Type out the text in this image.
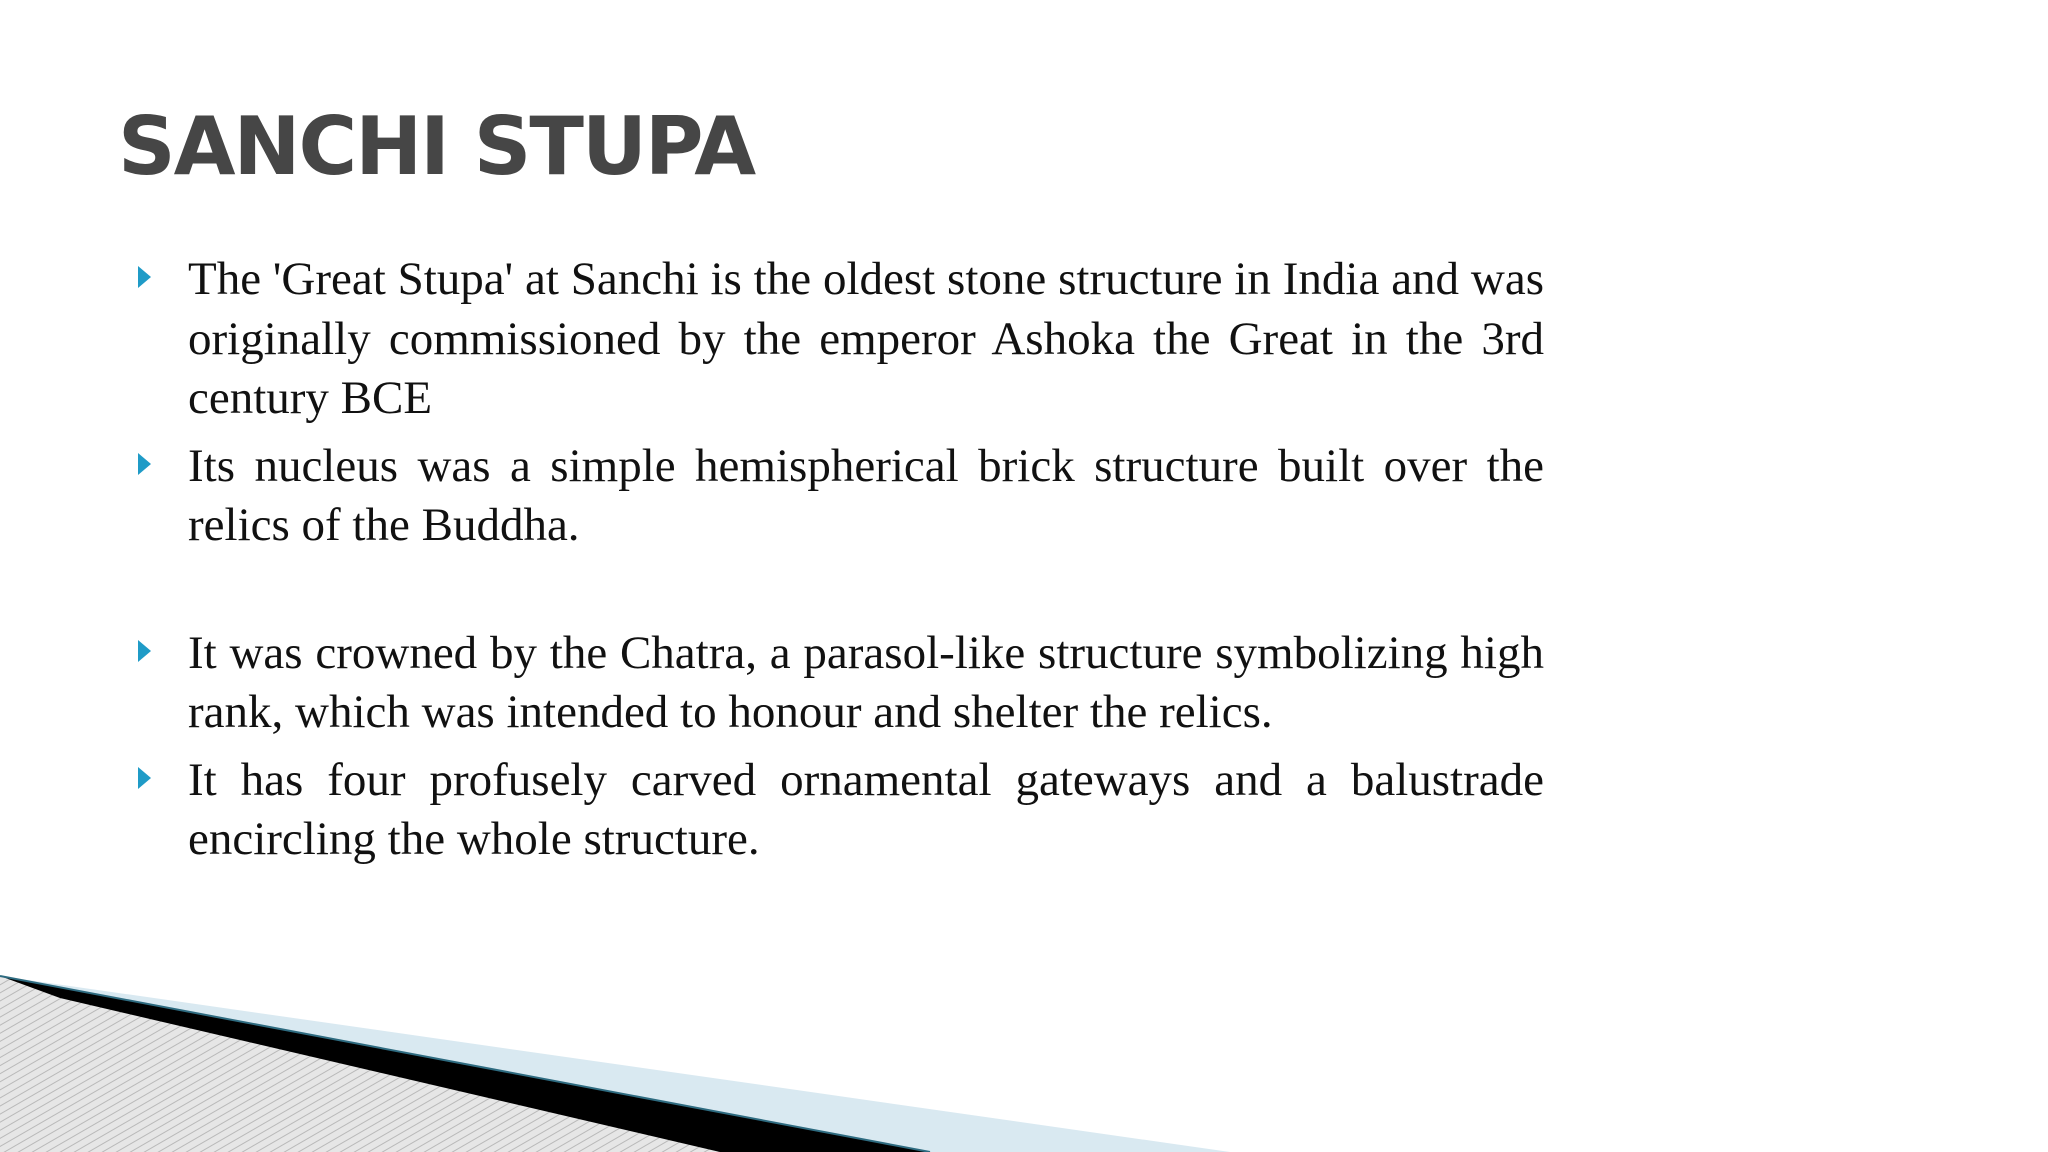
SANCHI STUPA
The 'Great Stupa' at Sanchi is the oldest stone structure in India and was originally commissioned by the emperor Ashoka the Great in the 3rd century BCE
Its nucleus was a simple hemispherical brick structure built over the relics of the Buddha.
It was crowned by the Chatra, a parasol-like structure symbolizing high rank, which was intended to honour and shelter the relics.
It has four profusely carved ornamental gateways and a balustrade encircling the whole structure.
